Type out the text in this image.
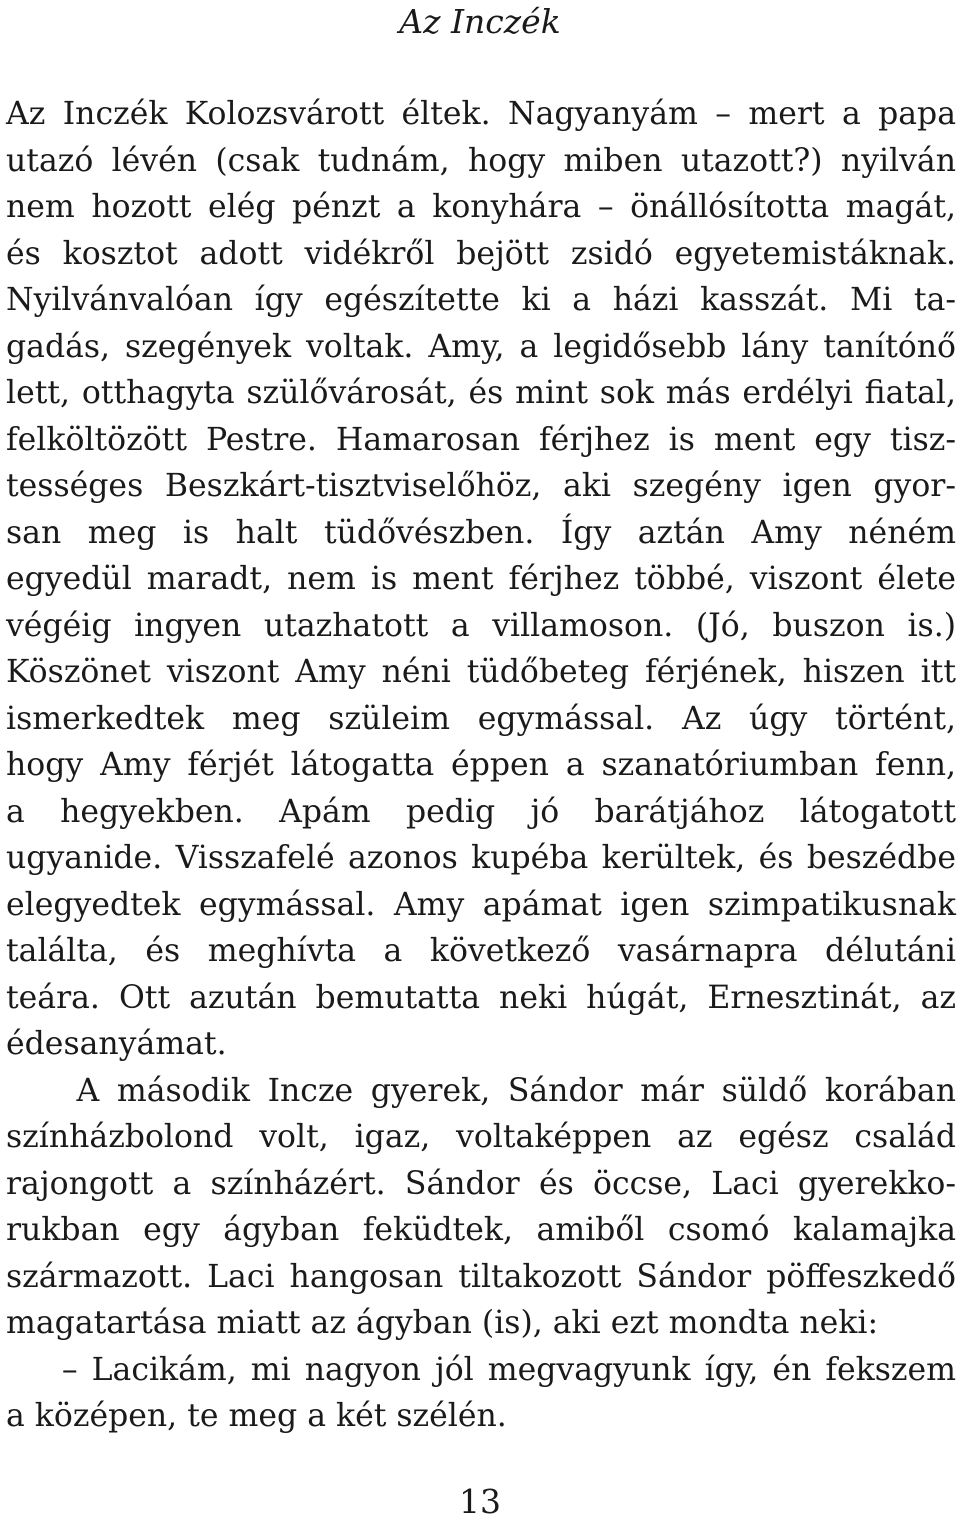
Az Inczék
Az Inczék Kolozsvárott éltek. Nagyanyám – mert a papa
utazó lévén (csak tudnám, hogy miben utazott?) nyilván
nem hozott elég pénzt a konyhára – önállósította magát,
és kosztot adott vidékről bejött zsidó egyetemistáknak.
Nyilvánvalóan így egészítette ki a házi kasszát. Mi ta-
gadás, szegények voltak. Amy, a legidősebb lány tanítónő
lett, otthagyta szülővárosát, és mint sok más erdélyi fiatal,
felköltözött Pestre. Hamarosan férjhez is ment egy tisz-
tességes Beszkárt-tisztviselőhöz, aki szegény igen gyor-
san meg is halt tüdővészben. Így aztán Amy néném
egyedül maradt, nem is ment férjhez többé, viszont élete
végéig ingyen utazhatott a villamoson. (Jó, buszon is.)
Köszönet viszont Amy néni tüdőbeteg férjének, hiszen itt
ismerkedtek meg szüleim egymással. Az úgy történt,
hogy Amy férjét látogatta éppen a szanatóriumban fenn,
a hegyekben. Apám pedig jó barátjához látogatott
ugyanide. Visszafelé azonos kupéba kerültek, és beszédbe
elegyedtek egymással. Amy apámat igen szimpatikusnak
találta, és meghívta a következő vasárnapra délutáni
teára. Ott azután bemutatta neki húgát, Ernesztinát, az
édesanyámat.
A második Incze gyerek, Sándor már süldő korában
színházbolond volt, igaz, voltaképpen az egész család
rajongott a színházért. Sándor és öccse, Laci gyerekko-
rukban egy ágyban feküdtek, amiből csomó kalamajka
származott. Laci hangosan tiltakozott Sándor pöffeszkedő
magatartása miatt az ágyban (is), aki ezt mondta neki:
– Lacikám, mi nagyon jól megvagyunk így, én fekszem
a középen, te meg a két szélén.
13
